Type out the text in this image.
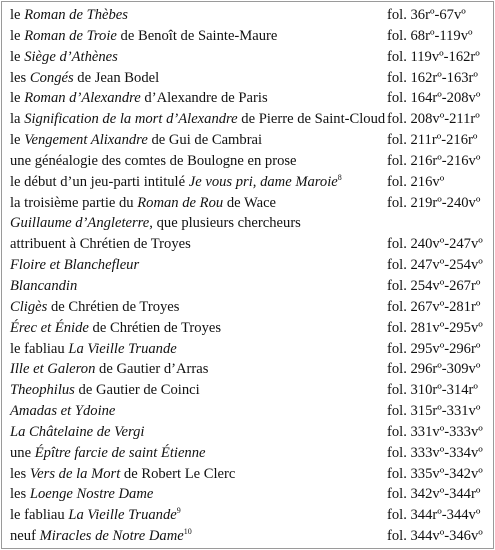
le Roman de Thèbes	fol. 36rº-67vº
le Roman de Troie de Benoît de Sainte-Maure	fol. 68rº-119vº
le Siège d’Athènes	fol. 119vº-162rº
les Congés de Jean Bodel	fol. 162rº-163rº
le Roman d’Alexandre d’Alexandre de Paris	fol. 164rº-208vº
la Signification de la mort d’Alexandre de Pierre de Saint-Cloud	fol. 208vº-211rº
le Vengement Alixandre de Gui de Cambrai	fol. 211rº-216rº
une généalogie des comtes de Boulogne en prose	fol. 216rº-216vº
le début d’un jeu-parti intitulé Je vous pri, dame Maroie$^8$	fol. 216vº
la troisième partie du Roman de Rou de Wace	fol. 219rº-240vº
Guillaume d’Angleterre, que plusieurs chercheurs
attribuent à Chrétien de Troyes	fol. 240vº-247vº
Floire et Blanchefleur	fol. 247vº-254vº
Blancandin	fol. 254vº-267rº
Cligès de Chrétien de Troyes	fol. 267vº-281rº
Érec et Énide de Chrétien de Troyes	fol. 281vº-295vº
le fabliau La Vieille Truande	fol. 295vº-296rº
Ille et Galeron de Gautier d’Arras	fol. 296rº-309vº
Theophilus de Gautier de Coinci	fol. 310rº-314rº
Amadas et Ydoine	fol. 315rº-331vº
La Châtelaine de Vergi	fol. 331vº-333vº
une Épître farcie de saint Étienne	fol. 333vº-334vº
les Vers de la Mort de Robert Le Clerc	fol. 335vº-342vº
les Loenge Nostre Dame	fol. 342vº-344rº
le fabliau La Vieille Truande$^9$	fol. 344rº-344vº
neuf Miracles de Notre Dame$^{10}$	fol. 344vº-346vº
